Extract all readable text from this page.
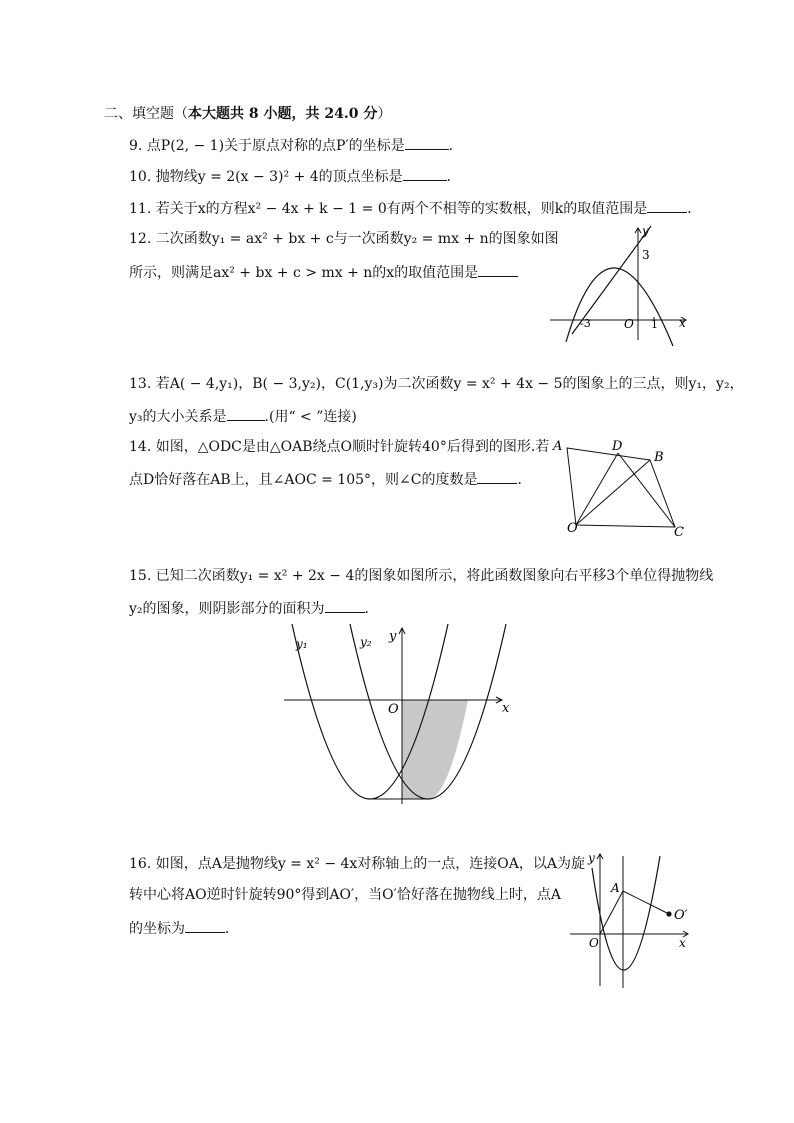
二、填空题（本大题共 8 小题，共 24.0 分）
9. 点P(2, − 1)关于原点对称的点P′的坐标是	．
10. 抛物线y = 2(x − 3)² + 4的顶点坐标是	．
11. 若关于x的方程x² − 4x + k − 1 = 0有两个不相等的实数根，则k的取值范围是	．
12. 二次函数y₁ = ax² + bx + c与一次函数y₂ = mx + n的图象如图
所示，则满足ax² + bx + c > mx + n的x的取值范围是
3
y
x
-3	O 1
13. 若A( − 4,y₁)，B( − 3,y₂)，C(1,y₃)为二次函数y = x² + 4x − 5的图象上的三点，则y₁，y₂，
y₃的大小关系是	.(用“ < ”连接)
14. 如图，△ODC是由△OAB绕点O顺时针旋转40°后得到的图形.若
点D恰好落在AB上，且∠AOC = 105°，则∠C的度数是	．
A	D
B
O	C
15. 已知二次函数y₁ = x² + 2x − 4的图象如图所示，将此函数图象向右平移3个单位得抛物线
y₂的图象，则阴影部分的面积为	．
y₁	y₂ y
x
O
16. 如图，点A是抛物线y = x² − 4x对称轴上的一点，连接OA，以A为旋
转中心将AO逆时针旋转90°得到AO′，当O′恰好落在抛物线上时，点A
的坐标为	．
y
A
O′
O	x
